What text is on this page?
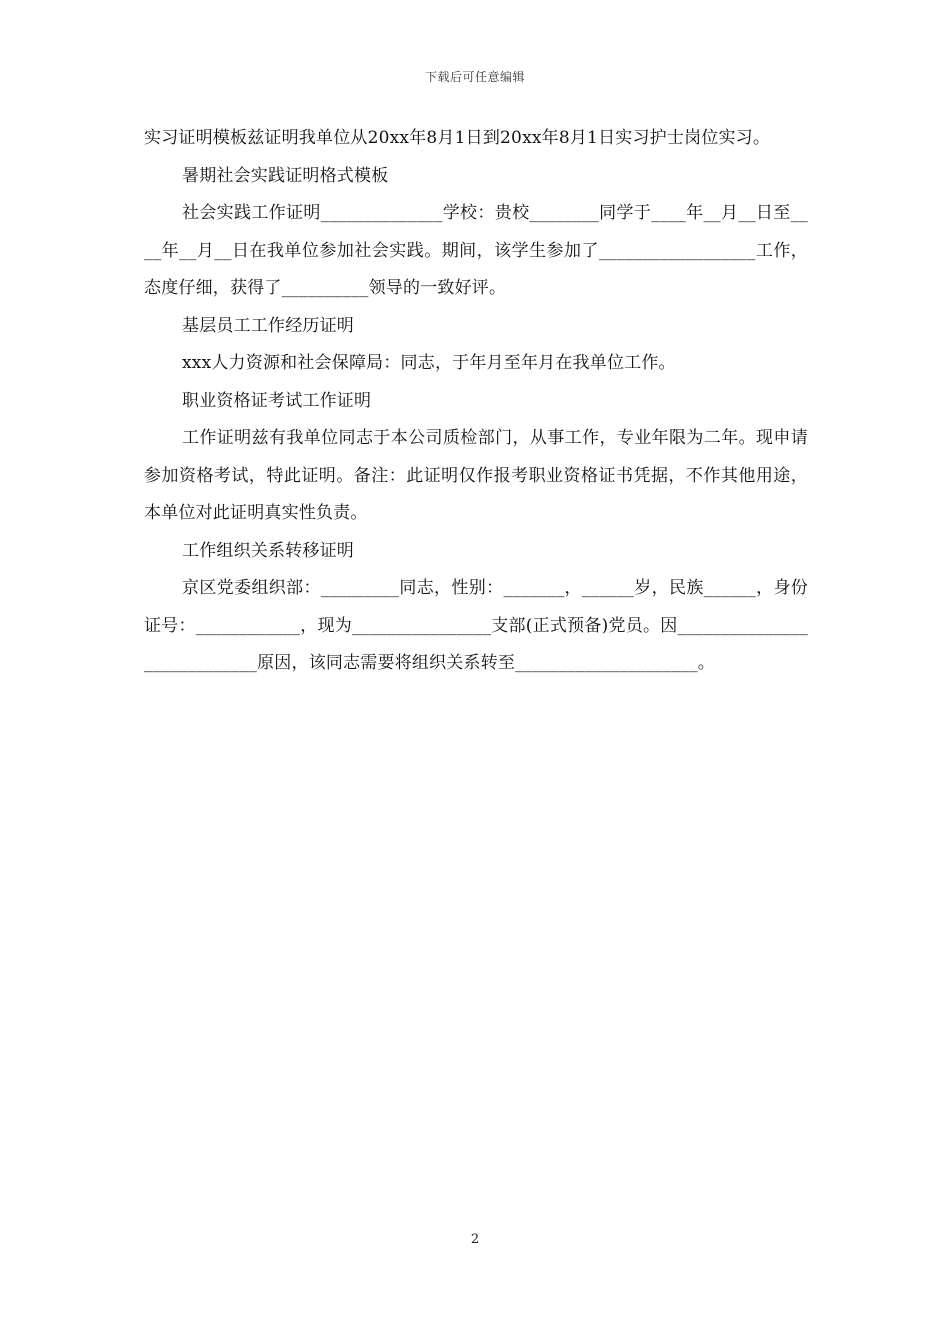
下载后可任意编辑

实习证明模板兹证明我单位从20xx年8月1日到20xx年8月1日实习护士岗位实习。

暑期社会实践证明格式模板

社会实践工作证明______________学校：贵校________同学于____年__月__日至____年__月__日在我单位参加社会实践。期间，该学生参加了__________________工作，态度仔细，获得了__________领导的一致好评。

基层员工工作经历证明

xxx人力资源和社会保障局：同志，于年月至年月在我单位工作。

职业资格证考试工作证明

工作证明兹有我单位同志于本公司质检部门，从事工作，专业年限为二年。现申请参加资格考试，特此证明。备注：此证明仅作报考职业资格证书凭据，不作其他用途，本单位对此证明真实性负责。

工作组织关系转移证明

京区党委组织部：_________同志，性别：_______，______岁，民族______，身份证号：____________，现为________________支部(正式预备)党员。因____________________________原因，该同志需要将组织关系转至_____________________。

2
